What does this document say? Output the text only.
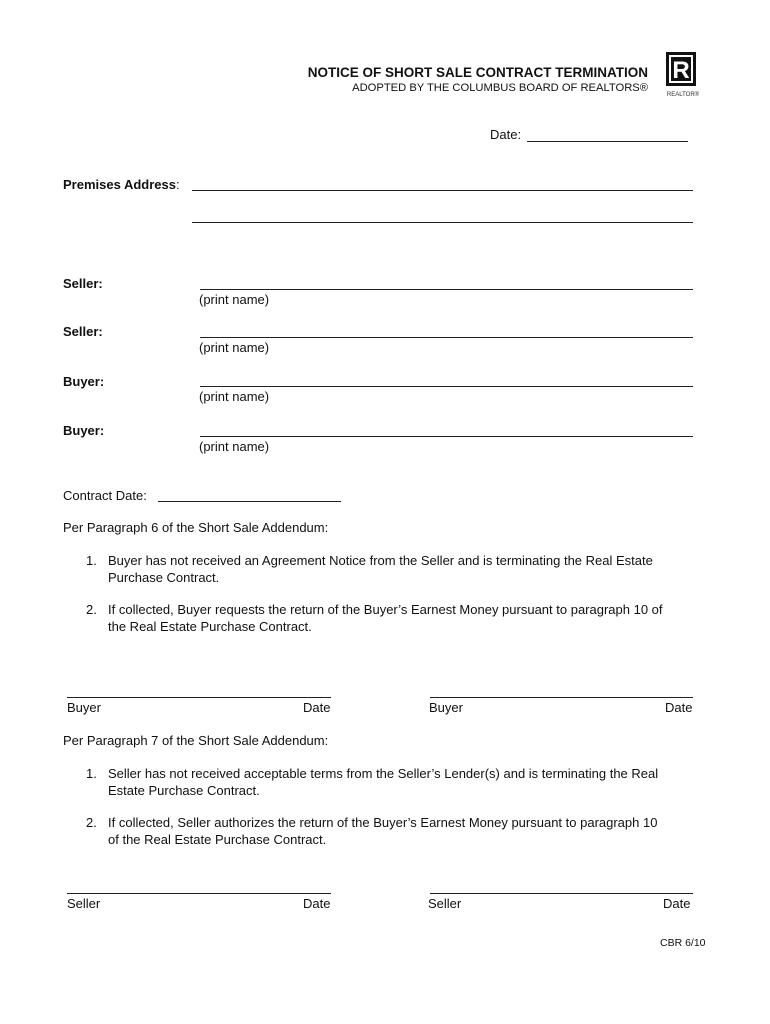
NOTICE OF SHORT SALE CONTRACT TERMINATION
ADOPTED BY THE COLUMBUS BOARD OF REALTORS®
R
REALTOR®
Date:
Premises Address:
Seller:
(print name)
Seller:
(print name)
Buyer:
(print name)
Buyer:
(print name)
Contract Date:
Per Paragraph 6 of the Short Sale Addendum:
1. Buyer has not received an Agreement Notice from the Seller and is terminating the Real Estate
Purchase Contract.
2. If collected, Buyer requests the return of the Buyer’s Earnest Money pursuant to paragraph 10 of
the Real Estate Purchase Contract.
Buyer	Date	Buyer	Date
Per Paragraph 7 of the Short Sale Addendum:
1. Seller has not received acceptable terms from the Seller’s Lender(s) and is terminating the Real
Estate Purchase Contract.
2. If collected, Seller authorizes the return of the Buyer’s Earnest Money pursuant to paragraph 10
of the Real Estate Purchase Contract.
Seller	Date	Seller	Date
CBR 6/10
